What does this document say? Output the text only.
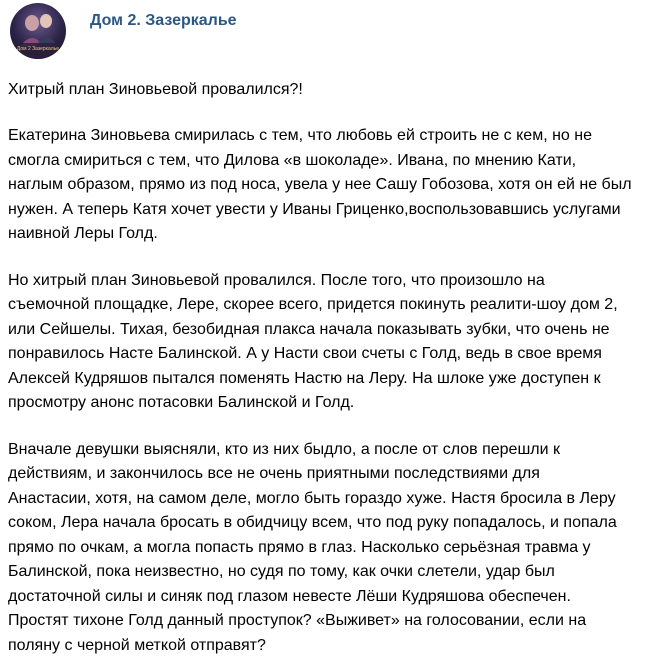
Дом 2 Зазеркалье
Дом 2. Зазеркалье
Хитрый план Зиновьевой провалился?!
Екатерина Зиновьева смирилась с тем, что любовь ей строить не с кем, но не
смогла смириться с тем, что Дилова «в шоколаде». Ивана, по мнению Кати,
наглым образом, прямо из под носа, увела у нее Сашу Гобозова, хотя он ей не был
нужен. А теперь Катя хочет увести у Иваны Гриценко,воспользовавшись услугами
наивной Леры Голд.
Но хитрый план Зиновьевой провалился. После того, что произошло на
съемочной площадке, Лере, скорее всего, придется покинуть реалити-шоу дом 2,
или Сейшелы. Тихая, безобидная плакса начала показывать зубки, что очень не
понравилось Насте Балинской. А у Насти свои счеты с Голд, ведь в свое время
Алексей Кудряшов пытался поменять Настю на Леру. На шлоке уже доступен к
просмотру анонс потасовки Балинской и Голд.
Вначале девушки выясняли, кто из них быдло, а после от слов перешли к
действиям, и закончилось все не очень приятными последствиями для
Анастасии, хотя, на самом деле, могло быть гораздо хуже. Настя бросила в Леру
соком, Лера начала бросать в обидчицу всем, что под руку попадалось, и попала
прямо по очкам, а могла попасть прямо в глаз. Насколько серьёзная травма у
Балинской, пока неизвестно, но судя по тому, как очки слетели, удар был
достаточной силы и синяк под глазом невесте Лёши Кудряшова обеспечен.
Простят тихоне Голд данный проступок? «Выживет» на голосовании, если на
поляну с черной меткой отправят?
